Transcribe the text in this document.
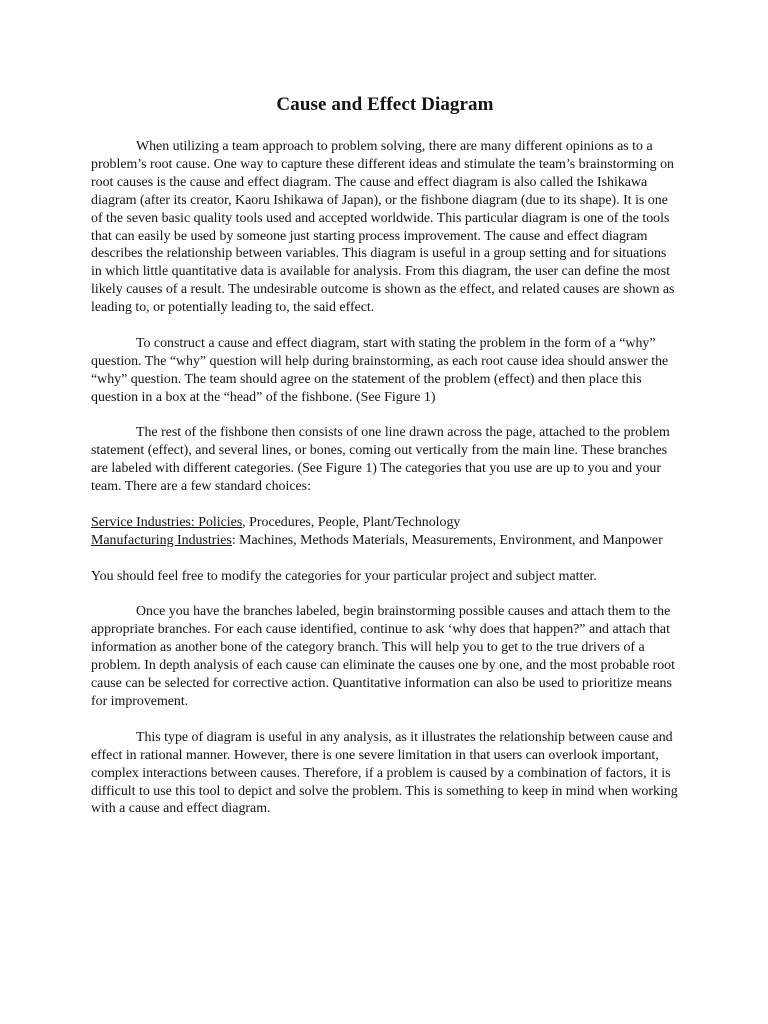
Cause and Effect Diagram

When utilizing a team approach to problem solving, there are many different opinions as to a problem’s root cause. One way to capture these different ideas and stimulate the team’s brainstorming on root causes is the cause and effect diagram. The cause and effect diagram is also called the Ishikawa diagram (after its creator, Kaoru Ishikawa of Japan), or the fishbone diagram (due to its shape). It is one of the seven basic quality tools used and accepted worldwide. This particular diagram is one of the tools that can easily be used by someone just starting process improvement. The cause and effect diagram describes the relationship between variables. This diagram is useful in a group setting and for situations in which little quantitative data is available for analysis. From this diagram, the user can define the most likely causes of a result. The undesirable outcome is shown as the effect, and related causes are shown as leading to, or potentially leading to, the said effect.

To construct a cause and effect diagram, start with stating the problem in the form of a “why” question. The “why” question will help during brainstorming, as each root cause idea should answer the “why” question. The team should agree on the statement of the problem (effect) and then place this question in a box at the “head” of the fishbone. (See Figure 1)

The rest of the fishbone then consists of one line drawn across the page, attached to the problem statement (effect), and several lines, or bones, coming out vertically from the main line. These branches are labeled with different categories. (See Figure 1) The categories that you use are up to you and your team. There are a few standard choices:

Service Industries: Policies, Procedures, People, Plant/Technology
Manufacturing Industries: Machines, Methods Materials, Measurements, Environment, and Manpower

You should feel free to modify the categories for your particular project and subject matter.

Once you have the branches labeled, begin brainstorming possible causes and attach them to the appropriate branches. For each cause identified, continue to ask ‘why does that happen?” and attach that information as another bone of the category branch. This will help you to get to the true drivers of a problem. In depth analysis of each cause can eliminate the causes one by one, and the most probable root cause can be selected for corrective action. Quantitative information can also be used to prioritize means for improvement.

This type of diagram is useful in any analysis, as it illustrates the relationship between cause and effect in rational manner. However, there is one severe limitation in that users can overlook important, complex interactions between causes. Therefore, if a problem is caused by a combination of factors, it is difficult to use this tool to depict and solve the problem. This is something to keep in mind when working with a cause and effect diagram.
